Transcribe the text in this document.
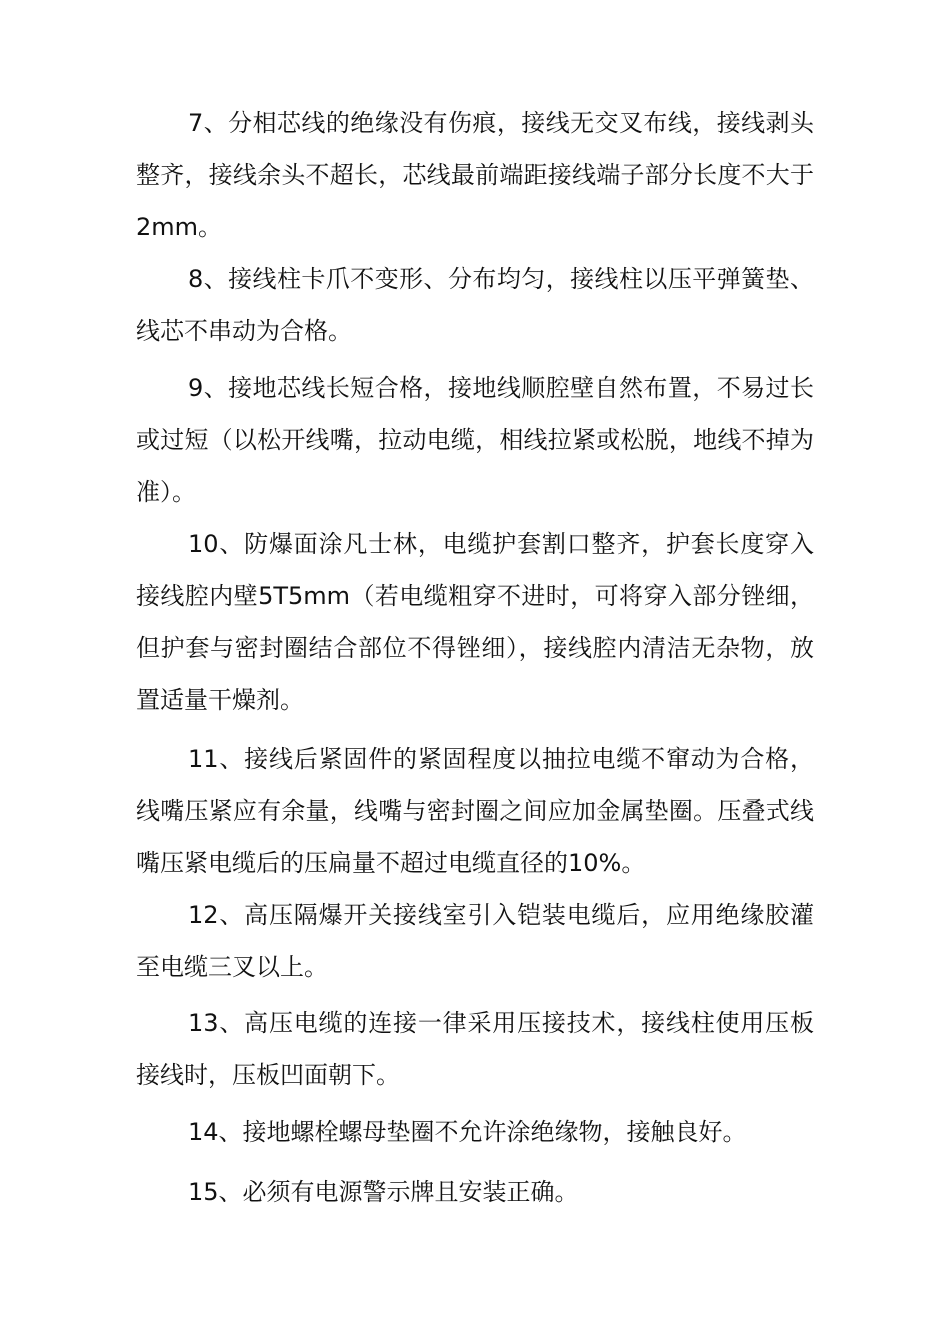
7、分相芯线的绝缘没有伤痕，接线无交叉布线，接线剥头整齐，接线余头不超长，芯线最前端距接线端子部分长度不大于2mm。

8、接线柱卡爪不变形、分布均匀，接线柱以压平弹簧垫、线芯不串动为合格。

9、接地芯线长短合格，接地线顺腔壁自然布置，不易过长或过短（以松开线嘴，拉动电缆，相线拉紧或松脱，地线不掉为准）。

10、防爆面涂凡士林，电缆护套割口整齐，护套长度穿入接线腔内壁5T5mm（若电缆粗穿不进时，可将穿入部分锉细，但护套与密封圈结合部位不得锉细），接线腔内清洁无杂物，放置适量干燥剂。

11、接线后紧固件的紧固程度以抽拉电缆不窜动为合格，线嘴压紧应有余量，线嘴与密封圈之间应加金属垫圈。压叠式线嘴压紧电缆后的压扁量不超过电缆直径的10%。

12、高压隔爆开关接线室引入铠装电缆后，应用绝缘胶灌至电缆三叉以上。

13、高压电缆的连接一律采用压接技术，接线柱使用压板接线时，压板凹面朝下。

14、接地螺栓螺母垫圈不允许涂绝缘物，接触良好。

15、必须有电源警示牌且安装正确。
